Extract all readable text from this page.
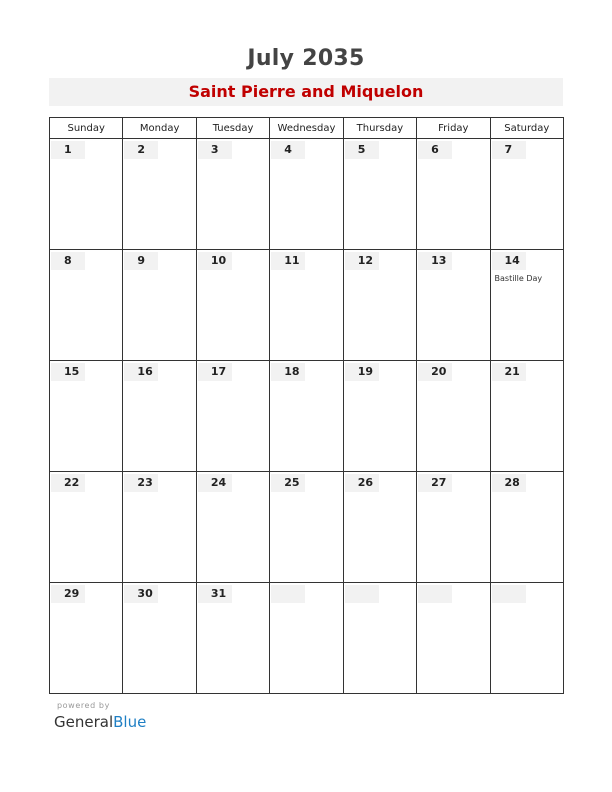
July 2035
Saint Pierre and Miquelon
Sunday	Monday	Tuesday	Wednesday	Thursday	Friday	Saturday

1	2	3	4	5	6	7

8	9	10	11	12	13	14
Bastille Day

15	16	17	18	19	20	21

22	23	24	25	26	27	28

29	30	31				

powered by
GeneralBlue
